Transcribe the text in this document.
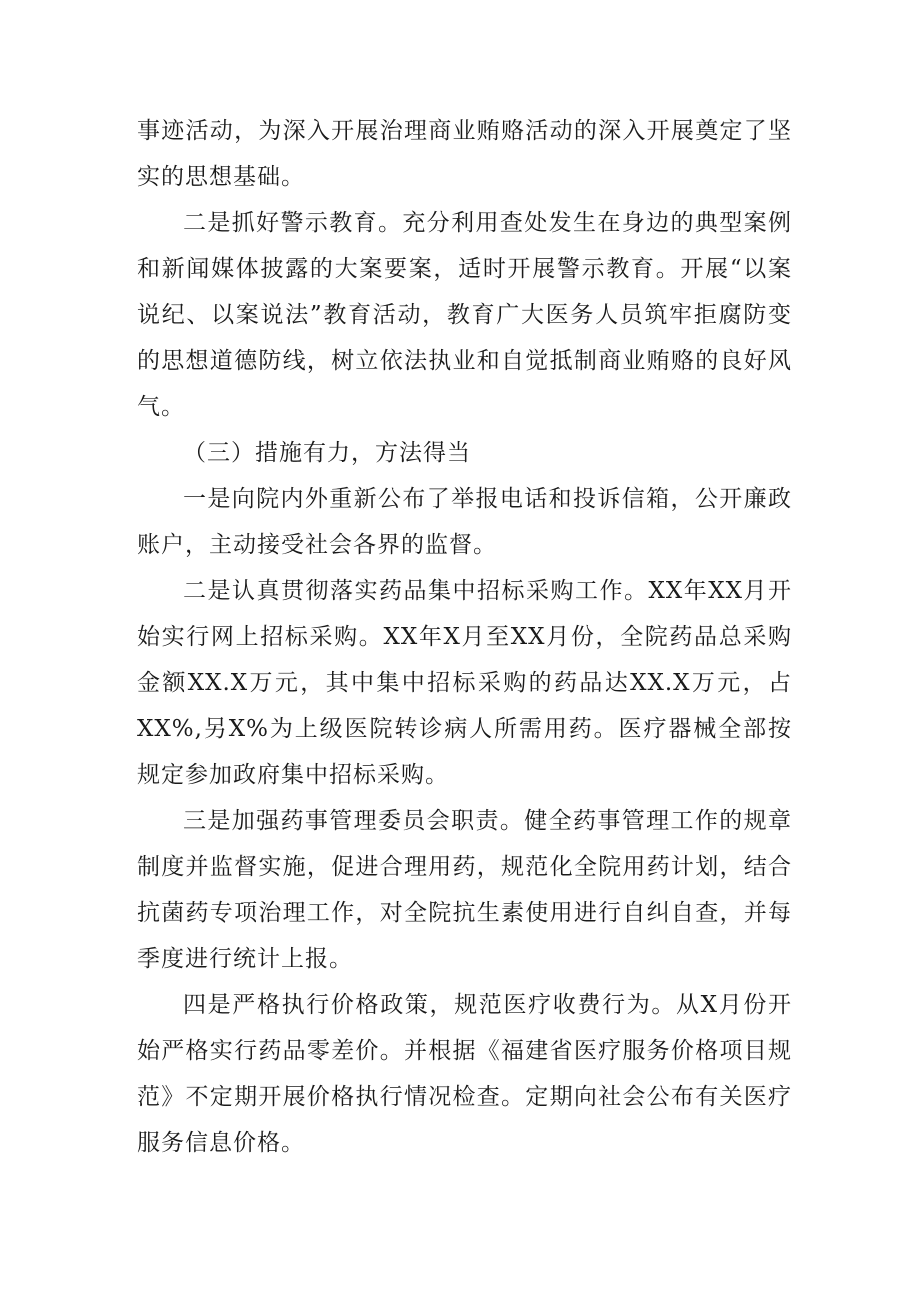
事迹活动，为深入开展治理商业贿赂活动的深入开展奠定了坚实的思想基础。

二是抓好警示教育。充分利用查处发生在身边的典型案例和新闻媒体披露的大案要案，适时开展警示教育。开展“以案说纪、以案说法”教育活动，教育广大医务人员筑牢拒腐防变的思想道德防线，树立依法执业和自觉抵制商业贿赂的良好风气。

（三）措施有力，方法得当

一是向院内外重新公布了举报电话和投诉信箱，公开廉政账户，主动接受社会各界的监督。

二是认真贯彻落实药品集中招标采购工作。XX年XX月开始实行网上招标采购。XX年X月至XX月份，全院药品总采购金额XX.X万元，其中集中招标采购的药品达XX.X万元，占XX%,另X%为上级医院转诊病人所需用药。医疗器械全部按规定参加政府集中招标采购。

三是加强药事管理委员会职责。健全药事管理工作的规章制度并监督实施，促进合理用药，规范化全院用药计划，结合抗菌药专项治理工作，对全院抗生素使用进行自纠自查，并每季度进行统计上报。

四是严格执行价格政策，规范医疗收费行为。从X月份开始严格实行药品零差价。并根据《福建省医疗服务价格项目规范》不定期开展价格执行情况检查。定期向社会公布有关医疗服务信息价格。
